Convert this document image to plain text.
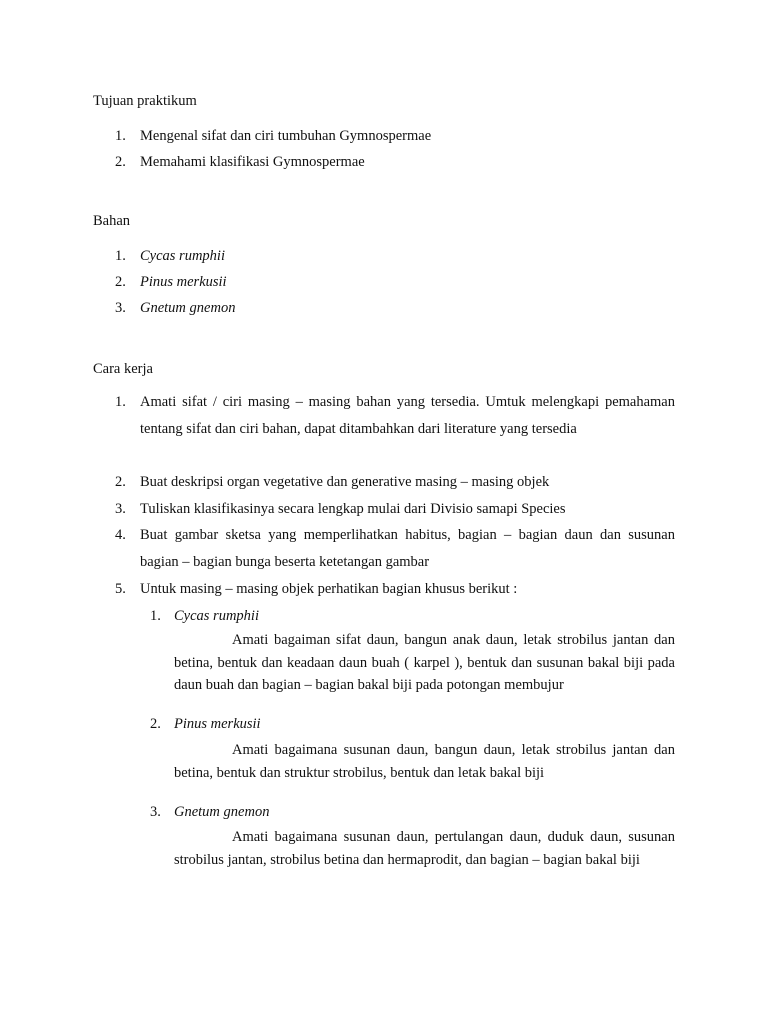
Tujuan praktikum

1. Mengenal sifat dan ciri tumbuhan Gymnospermae
2. Memahami klasifikasi Gymnospermae

Bahan

1. Cycas rumphii
2. Pinus merkusii
3. Gnetum gnemon

Cara kerja

1. Amati sifat / ciri masing – masing bahan yang tersedia. Umtuk melengkapi pemahaman tentang sifat dan ciri bahan, dapat ditambahkan dari literature yang tersedia
2. Buat deskripsi organ vegetative dan generative masing – masing objek
3. Tuliskan klasifikasinya secara lengkap mulai dari Divisio samapi Species
4. Buat gambar sketsa yang memperlihatkan habitus, bagian – bagian daun dan susunan bagian – bagian bunga beserta ketetangan gambar
5. Untuk masing – masing objek perhatikan bagian khusus berikut :
1. Cycas rumphii

Amati bagaiman sifat daun, bangun anak daun, letak strobilus jantan dan betina, bentuk dan keadaan daun buah ( karpel ), bentuk dan susunan bakal biji pada daun buah dan bagian – bagian bakal biji pada potongan membujur

2. Pinus merkusii

Amati bagaimana susunan daun, bangun daun, letak strobilus jantan dan betina, bentuk dan struktur strobilus, bentuk dan letak bakal biji

3. Gnetum gnemon

Amati bagaimana susunan daun, pertulangan daun, duduk daun, susunan strobilus jantan, strobilus betina dan hermaprodit, dan bagian – bagian bakal biji
